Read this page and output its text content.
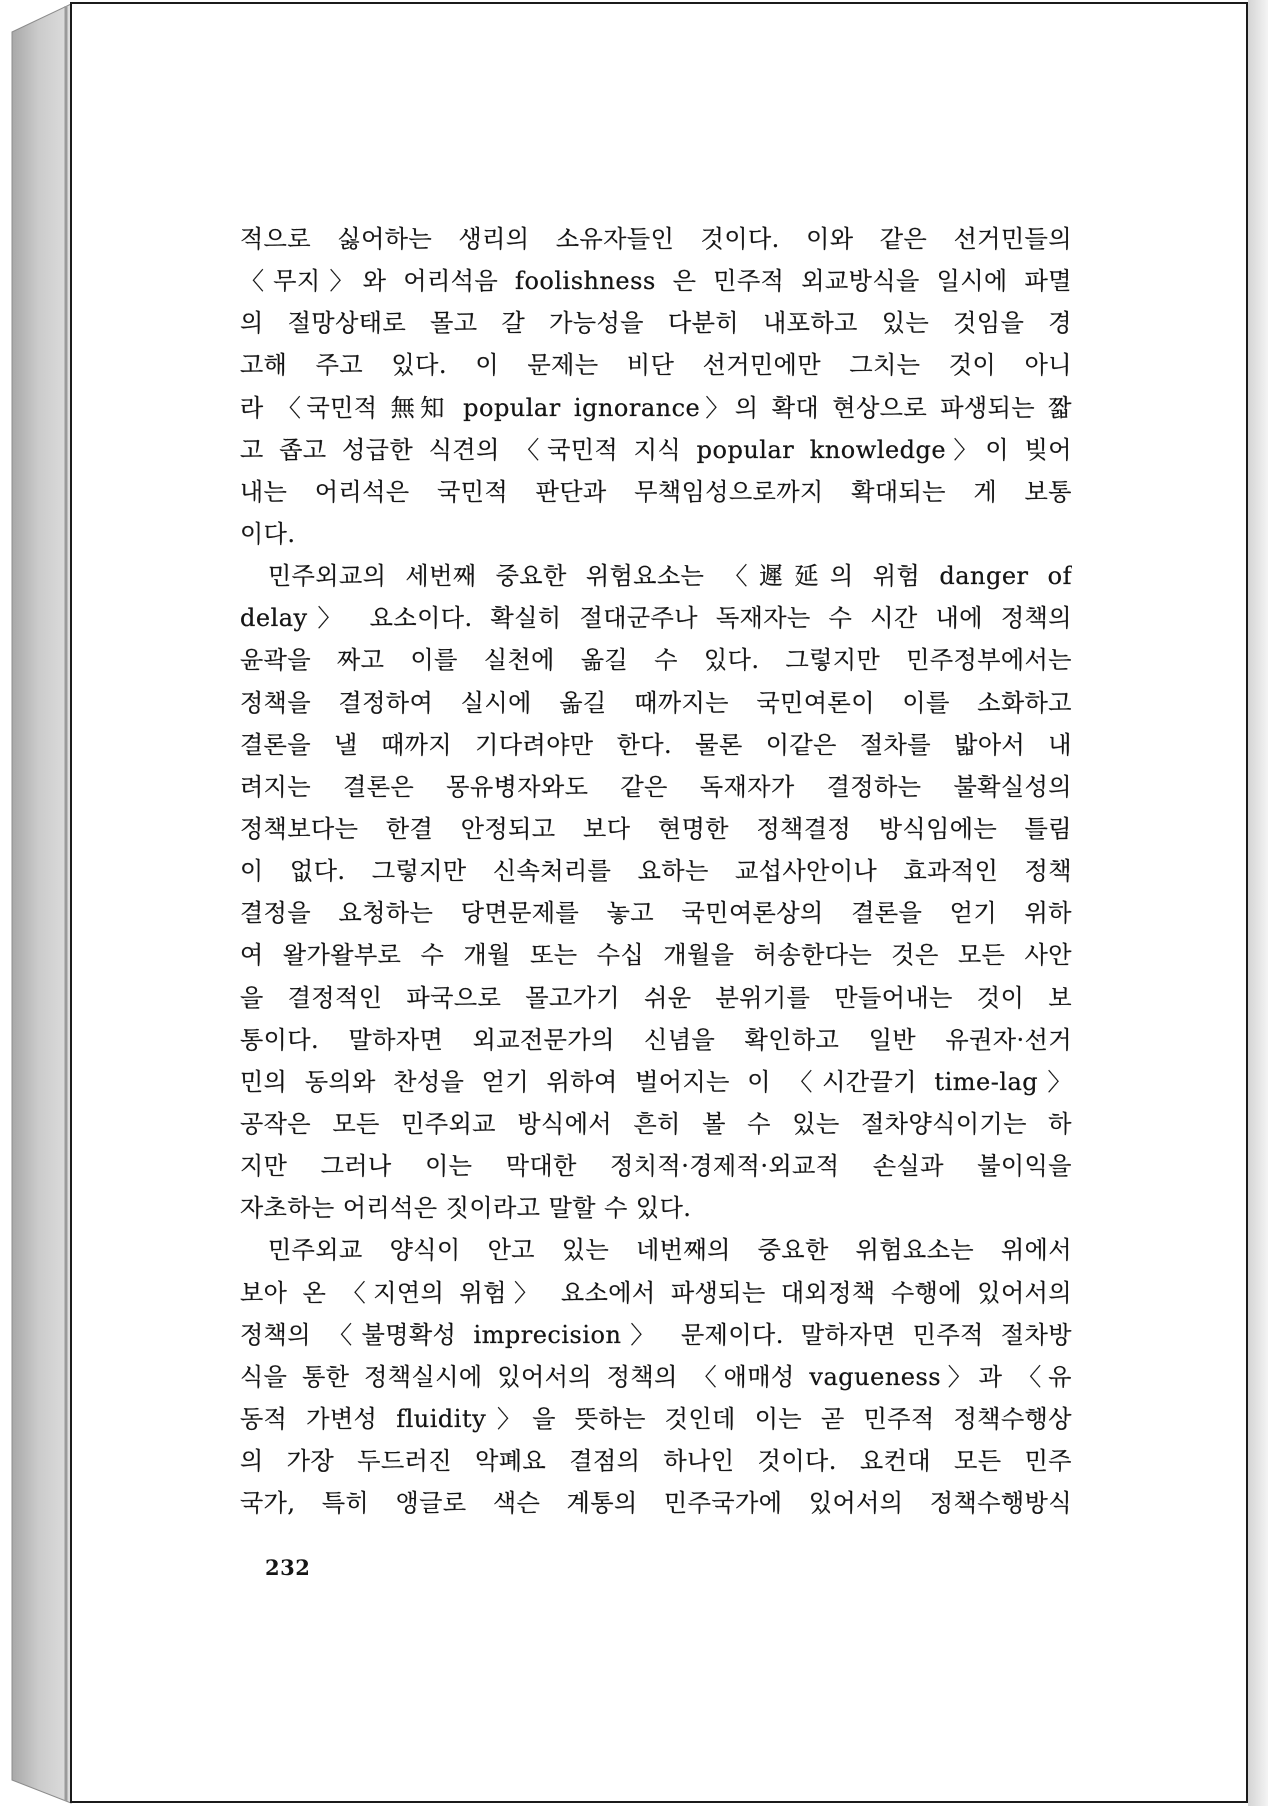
적으로 싫어하는 생리의 소유자들인 것이다. 이와 같은 선거민들의
〈무지〉와 어리석음 foolishness 은 민주적 외교방식을 일시에 파멸
의 절망상태로 몰고 갈 가능성을 다분히 내포하고 있는 것임을 경
고해 주고 있다. 이 문제는 비단 선거민에만 그치는 것이 아니
라 〈국민적 無知 popular ignorance〉의 확대 현상으로 파생되는 짧
고 좁고 성급한 식견의 〈국민적 지식 popular knowledge〉이 빚어
내는 어리석은 국민적 판단과 무책임성으로까지 확대되는 게 보통
이다.
민주외교의 세번째 중요한 위험요소는 〈遲延의 위험 danger of
delay〉 요소이다. 확실히 절대군주나 독재자는 수 시간 내에 정책의
윤곽을 짜고 이를 실천에 옮길 수 있다. 그렇지만 민주정부에서는
정책을 결정하여 실시에 옮길 때까지는 국민여론이 이를 소화하고
결론을 낼 때까지 기다려야만 한다. 물론 이같은 절차를 밟아서 내
려지는 결론은 몽유병자와도 같은 독재자가 결정하는 불확실성의
정책보다는 한결 안정되고 보다 현명한 정책결정 방식임에는 틀림
이 없다. 그렇지만 신속처리를 요하는 교섭사안이나 효과적인 정책
결정을 요청하는 당면문제를 놓고 국민여론상의 결론을 얻기 위하
여 왈가왈부로 수 개월 또는 수십 개월을 허송한다는 것은 모든 사안
을 결정적인 파국으로 몰고가기 쉬운 분위기를 만들어내는 것이 보
통이다. 말하자면 외교전문가의 신념을 확인하고 일반 유권자·선거
민의 동의와 찬성을 얻기 위하여 벌어지는 이 〈시간끌기 time-lag〉
공작은 모든 민주외교 방식에서 흔히 볼 수 있는 절차양식이기는 하
지만 그러나 이는 막대한 정치적·경제적·외교적 손실과 불이익을
자초하는 어리석은 짓이라고 말할 수 있다.
민주외교 양식이 안고 있는 네번째의 중요한 위험요소는 위에서
보아 온 〈지연의 위험〉 요소에서 파생되는 대외정책 수행에 있어서의
정책의 〈불명확성 imprecision〉 문제이다. 말하자면 민주적 절차방
식을 통한 정책실시에 있어서의 정책의 〈애매성 vagueness〉과 〈유
동적 가변성 fluidity〉을 뜻하는 것인데 이는 곧 민주적 정책수행상
의 가장 두드러진 악폐요 결점의 하나인 것이다. 요컨대 모든 민주
국가, 특히 앵글로 색슨 계통의 민주국가에 있어서의 정책수행방식
232
